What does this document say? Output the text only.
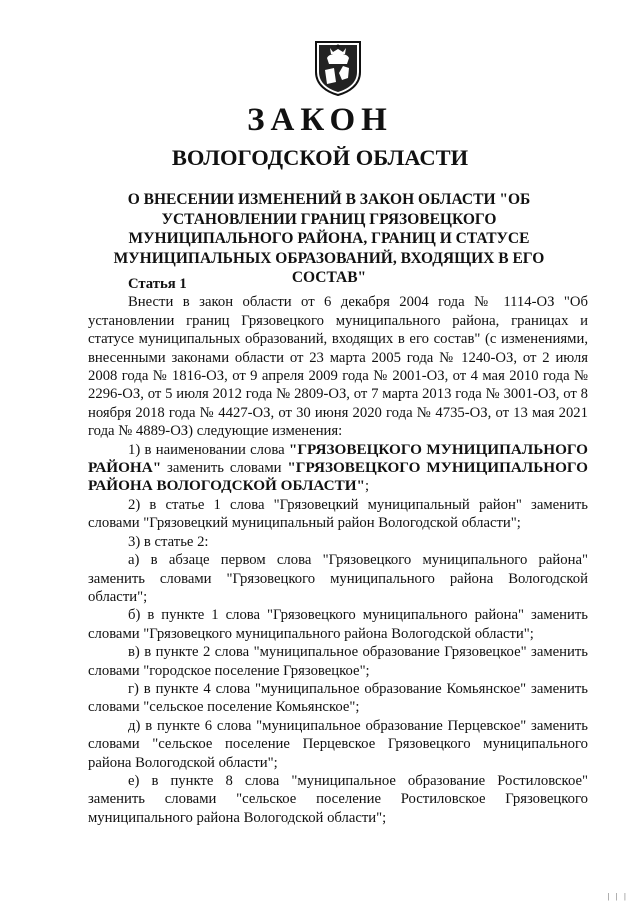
ЗАКОН
ВОЛОГОДСКОЙ ОБЛАСТИ

О ВНЕСЕНИИ ИЗМЕНЕНИЙ В ЗАКОН ОБЛАСТИ "ОБ УСТАНОВЛЕНИИ ГРАНИЦ ГРЯЗОВЕЦКОГО МУНИЦИПАЛЬНОГО РАЙОНА, ГРАНИЦ И СТАТУСЕ МУНИЦИПАЛЬНЫХ ОБРАЗОВАНИЙ, ВХОДЯЩИХ В ЕГО СОСТАВ"

Статья 1

Внести в закон области от 6 декабря 2004 года № 1114-ОЗ "Об установлении границ Грязовецкого муниципального района, границах и статусе муниципальных образований, входящих в его состав" (с изменениями, внесенными законами области от 23 марта 2005 года № 1240-ОЗ, от 2 июля 2008 года № 1816-ОЗ, от 9 апреля 2009 года № 2001-ОЗ, от 4 мая 2010 года № 2296-ОЗ, от 5 июля 2012 года № 2809-ОЗ, от 7 марта 2013 года № 3001-ОЗ, от 8 ноября 2018 года № 4427-ОЗ, от 30 июня 2020 года № 4735-ОЗ, от 13 мая 2021 года № 4889-ОЗ) следующие изменения:

1) в наименовании слова "ГРЯЗОВЕЦКОГО МУНИЦИПАЛЬНОГО РАЙОНА" заменить словами "ГРЯЗОВЕЦКОГО МУНИЦИПАЛЬНОГО РАЙОНА ВОЛОГОДСКОЙ ОБЛАСТИ";

2) в статье 1 слова "Грязовецкий муниципальный район" заменить словами "Грязовецкий муниципальный район Вологодской области";

3) в статье 2:

а) в абзаце первом слова "Грязовецкого муниципального района" заменить словами "Грязовецкого муниципального района Вологодской области";

б) в пункте 1 слова "Грязовецкого муниципального района" заменить словами "Грязовецкого муниципального района Вологодской области";

в) в пункте 2 слова "муниципальное образование Грязовецкое" заменить словами "городское поселение Грязовецкое";

г) в пункте 4 слова "муниципальное образование Комьянское" заменить словами "сельское поселение Комьянское";

д) в пункте 6 слова "муниципальное образование Перцевское" заменить словами "сельское поселение Перцевское Грязовецкого муниципального района Вологодской области";

е) в пункте 8 слова "муниципальное образование Ростиловское" заменить словами "сельское поселение Ростиловское Грязовецкого муниципального района Вологодской области";

| | |
